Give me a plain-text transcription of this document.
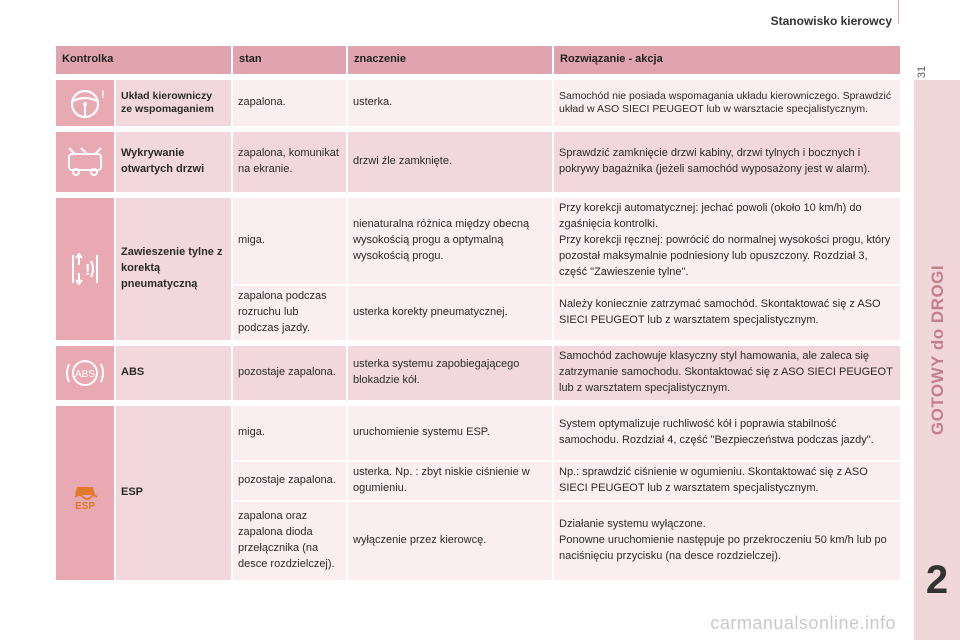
Stanowisko kierowcy
31
GOTOWY do DROGI
2
Kontrolka		stan	znaczenie	Rozwiązanie - akcja

!	Układ kierowniczy ze wspomaganiem	zapalona.	usterka.	Samochód nie posiada wspomagania układu kierowniczego. Sprawdzić układ w ASO SIECI PEUGEOT lub w warsztacie specjalistycznym.

	Wykrywanie otwartych drzwi	zapalona, komunikat na ekranie.	drzwi źle zamknięte.	Sprawdzić zamknięcie drzwi kabiny, drzwi tylnych i bocznych i pokrywy bagażnika (jeżeli samochód wyposażony jest w alarm).

!	Zawieszenie tylne z korektą pneumatyczną	miga.	nienaturalna różnica między obecną wysokością progu a optymalną wysokością progu.	Przy korekcji automatycznej: jechać powoli (około 10 km/h) do zgaśnięcia kontrolki.
Przy korekcji ręcznej: powrócić do normalnej wysokości progu, który pozostał maksymalnie podniesiony lub opuszczony. Rozdział 3, część "Zawieszenie tylne".

		zapalona podczas rozruchu lub podczas jazdy.	usterka korekty pneumatycznej.	Należy koniecznie zatrzymać samochód. Skontaktować się z ASO SIECI PEUGEOT lub z warsztatem specjalistycznym.

ABS	ABS	pozostaje zapalona.	usterka systemu zapobiegającego blokadzie kół.	Samochód zachowuje klasyczny styl hamowania, ale zaleca się zatrzymanie samochodu. Skontaktować się z ASO SIECI PEUGEOT lub z warsztatem specjalistycznym.

ESP	ESP	miga.	uruchomienie systemu ESP.	System optymalizuje ruchliwość kół i poprawia stabilność samochodu. Rozdział 4, część "Bezpieczeństwa podczas jazdy".
		pozostaje zapalona.	usterka. Np. : zbyt niskie ciśnienie w ogumieniu.	Np.: sprawdzić ciśnienie w ogumieniu. Skontaktować się z ASO SIECI PEUGEOT lub z warsztatem specjalistycznym.
		zapalona oraz zapalona dioda przełącznika (na desce rozdzielczej).	wyłączenie przez kierowcę.	Działanie systemu wyłączone.
Ponowne uruchomienie następuje po przekroczeniu 50 km/h lub po naciśnięciu przycisku (na desce rozdzielczej).
carmanualsonline.info
